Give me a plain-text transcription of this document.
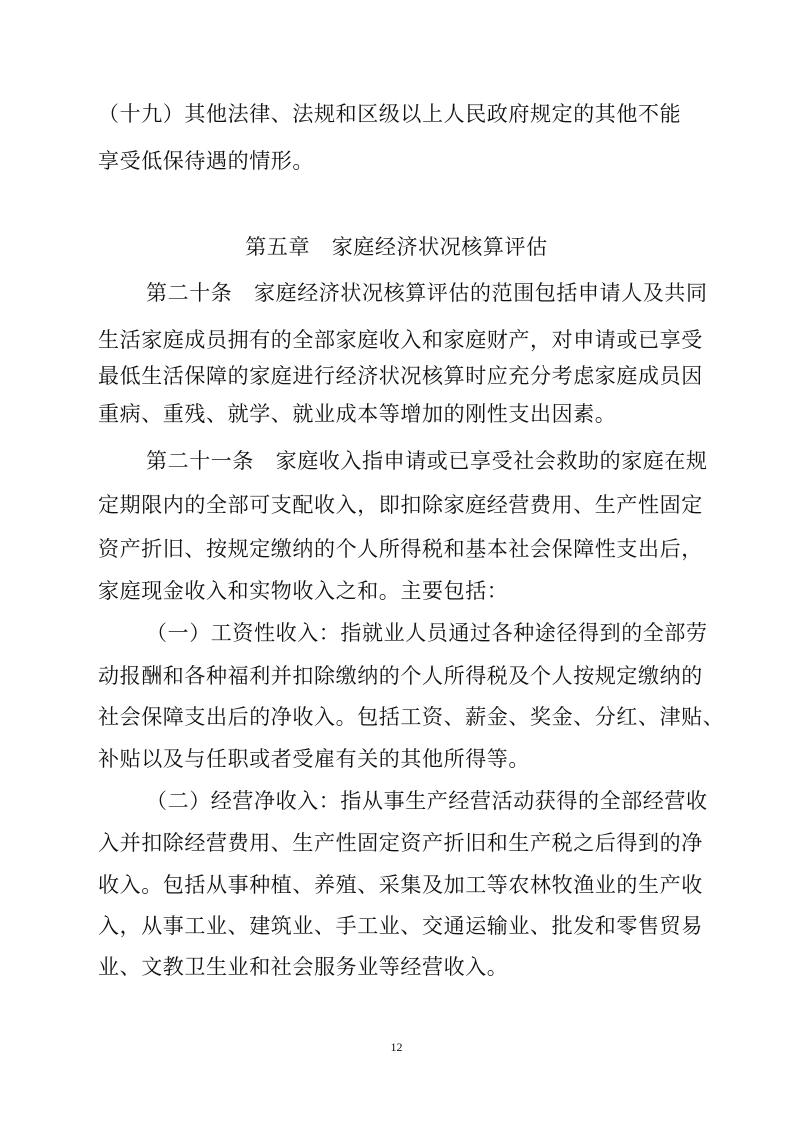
（十九）其他法律、法规和区级以上人民政府规定的其他不能
享受低保待遇的情形。
第五章　家庭经济状况核算评估
第二十条　家庭经济状况核算评估的范围包括申请人及共同
生活家庭成员拥有的全部家庭收入和家庭财产，对申请或已享受
最低生活保障的家庭进行经济状况核算时应充分考虑家庭成员因
重病、重残、就学、就业成本等增加的刚性支出因素。
第二十一条　家庭收入指申请或已享受社会救助的家庭在规
定期限内的全部可支配收入，即扣除家庭经营费用、生产性固定
资产折旧、按规定缴纳的个人所得税和基本社会保障性支出后，
家庭现金收入和实物收入之和。主要包括：
（一）工资性收入：指就业人员通过各种途径得到的全部劳
动报酬和各种福利并扣除缴纳的个人所得税及个人按规定缴纳的
社会保障支出后的净收入。包括工资、薪金、奖金、分红、津贴、
补贴以及与任职或者受雇有关的其他所得等。
（二）经营净收入：指从事生产经营活动获得的全部经营收
入并扣除经营费用、生产性固定资产折旧和生产税之后得到的净
收入。包括从事种植、养殖、采集及加工等农林牧渔业的生产收
入，从事工业、建筑业、手工业、交通运输业、批发和零售贸易
业、文教卫生业和社会服务业等经营收入。
12
